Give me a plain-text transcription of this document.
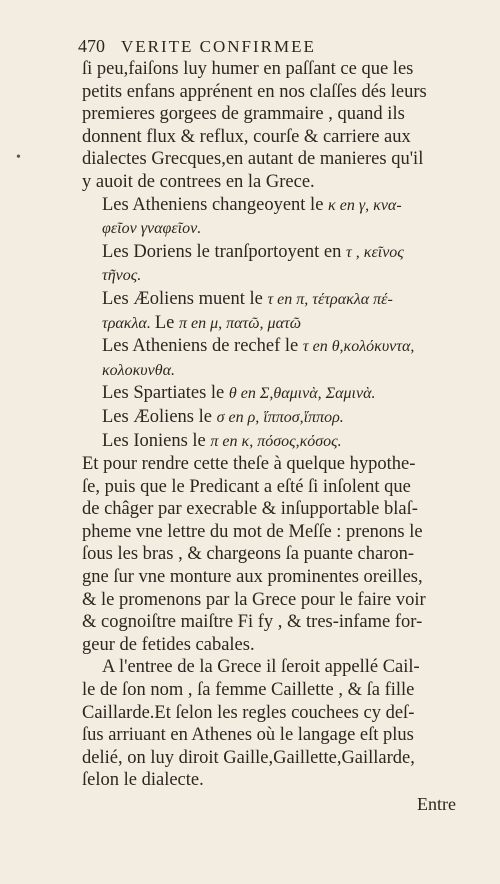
470 VERITE CONFIRMEE
•
ſi peu,faiſons luy humer en paſſant ce que les
petits enfans apprénent en nos claſſes dés leurs
premieres gorgees de grammaire , quand ils
donnent flux & reflux, courſe & carriere aux
dialectes Grecques,en autant de manieres qu'il
y auoit de contrees en la Grece.
Les Atheniens changeoyent le κ en γ, κνα-
φεῖον γναφεῖον.
Les Doriens le tranſportoyent en τ , κεῖνος
τῆνος.
Les Æoliens muent le τ en π, τέτρακλα πέ-
τρακλα. Le π en μ, πατῶ, ματῶ
Les Atheniens de rechef le τ en θ,κολόκυντα,
κολοκυνθα.
Les Spartiates le θ en Σ,θαμινὰ, Σαμινὰ.
Les Æoliens le σ en ρ, ἵπποσ,ἵππορ.
Les Ioniens le π en κ, πόσος,κόσος.
Et pour rendre cette theſe à quelque hypothe-
ſe, puis que le Predicant a eſté ſi inſolent que
de châger par execrable & inſupportable blaſ-
pheme vne lettre du mot de Meſſe : prenons le
ſous les bras , & chargeons ſa puante charon-
gne ſur vne monture aux prominentes oreilles,
& le promenons par la Grece pour le faire voir
& cognoiſtre maiſtre Fi fy , & tres-infame for-
geur de fetides cabales.
A l'entree de la Grece il ſeroit appellé Cail-
le de ſon nom , ſa femme Caillette , & ſa fille
Caillarde.Et ſelon les regles couchees cy deſ-
ſus arriuant en Athenes où le langage eſt plus
delié, on luy diroit Gaille,Gaillette,Gaillarde,
ſelon le dialecte.
Entre
